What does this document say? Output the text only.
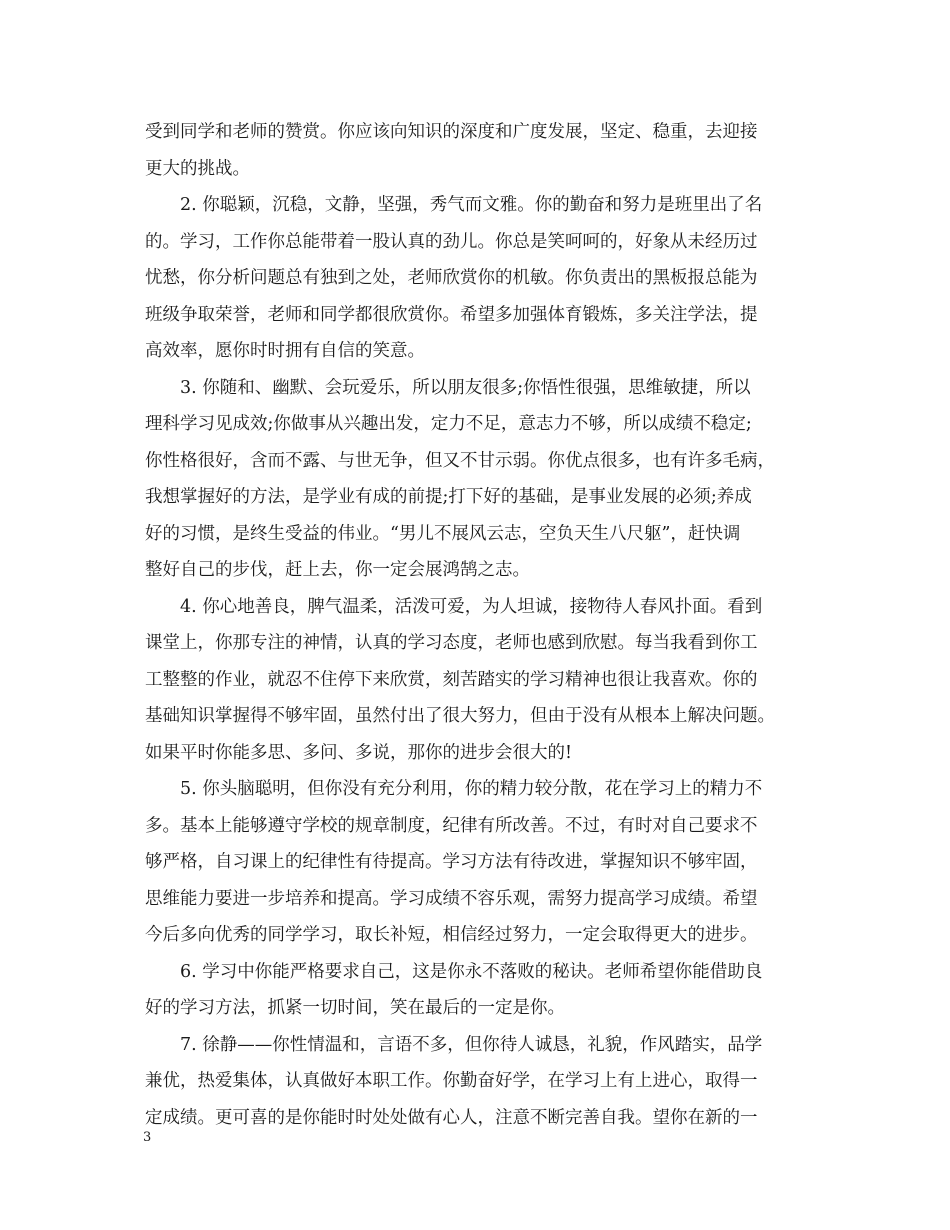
受到同学和老师的赞赏。你应该向知识的深度和广度发展，坚定、稳重，去迎接
更大的挑战。
　　2. 你聪颖，沉稳，文静，坚强，秀气而文雅。你的勤奋和努力是班里出了名
的。学习，工作你总能带着一股认真的劲儿。你总是笑呵呵的，好象从未经历过
忧愁，你分析问题总有独到之处，老师欣赏你的机敏。你负责出的黑板报总能为
班级争取荣誉，老师和同学都很欣赏你。希望多加强体育锻炼，多关注学法，提
高效率，愿你时时拥有自信的笑意。
　　3. 你随和、幽默、会玩爱乐，所以朋友很多;你悟性很强，思维敏捷，所以
理科学习见成效;你做事从兴趣出发，定力不足，意志力不够，所以成绩不稳定;
你性格很好，含而不露、与世无争，但又不甘示弱。你优点很多，也有许多毛病，
我想掌握好的方法，是学业有成的前提;打下好的基础，是事业发展的必须;养成
好的习惯，是终生受益的伟业。“男儿不展风云志，空负天生八尺躯”，赶快调
整好自己的步伐，赶上去，你一定会展鸿鹄之志。
　　4. 你心地善良，脾气温柔，活泼可爱，为人坦诚，接物待人春风扑面。看到
课堂上，你那专注的神情，认真的学习态度，老师也感到欣慰。每当我看到你工
工整整的作业，就忍不住停下来欣赏，刻苦踏实的学习精神也很让我喜欢。你的
基础知识掌握得不够牢固，虽然付出了很大努力，但由于没有从根本上解决问题。
如果平时你能多思、多问、多说，那你的进步会很大的!
　　5. 你头脑聪明，但你没有充分利用，你的精力较分散，花在学习上的精力不
多。基本上能够遵守学校的规章制度，纪律有所改善。不过，有时对自己要求不
够严格，自习课上的纪律性有待提高。学习方法有待改进，掌握知识不够牢固，
思维能力要进一步培养和提高。学习成绩不容乐观，需努力提高学习成绩。希望
今后多向优秀的同学学习，取长补短，相信经过努力，一定会取得更大的进步。
　　6. 学习中你能严格要求自己，这是你永不落败的秘诀。老师希望你能借助良
好的学习方法，抓紧一切时间，笑在最后的一定是你。
　　7. 徐静——你性情温和，言语不多，但你待人诚恳，礼貌，作风踏实，品学
兼优，热爱集体，认真做好本职工作。你勤奋好学，在学习上有上进心，取得一
定成绩。更可喜的是你能时时处处做有心人，注意不断完善自我。望你在新的一
3
